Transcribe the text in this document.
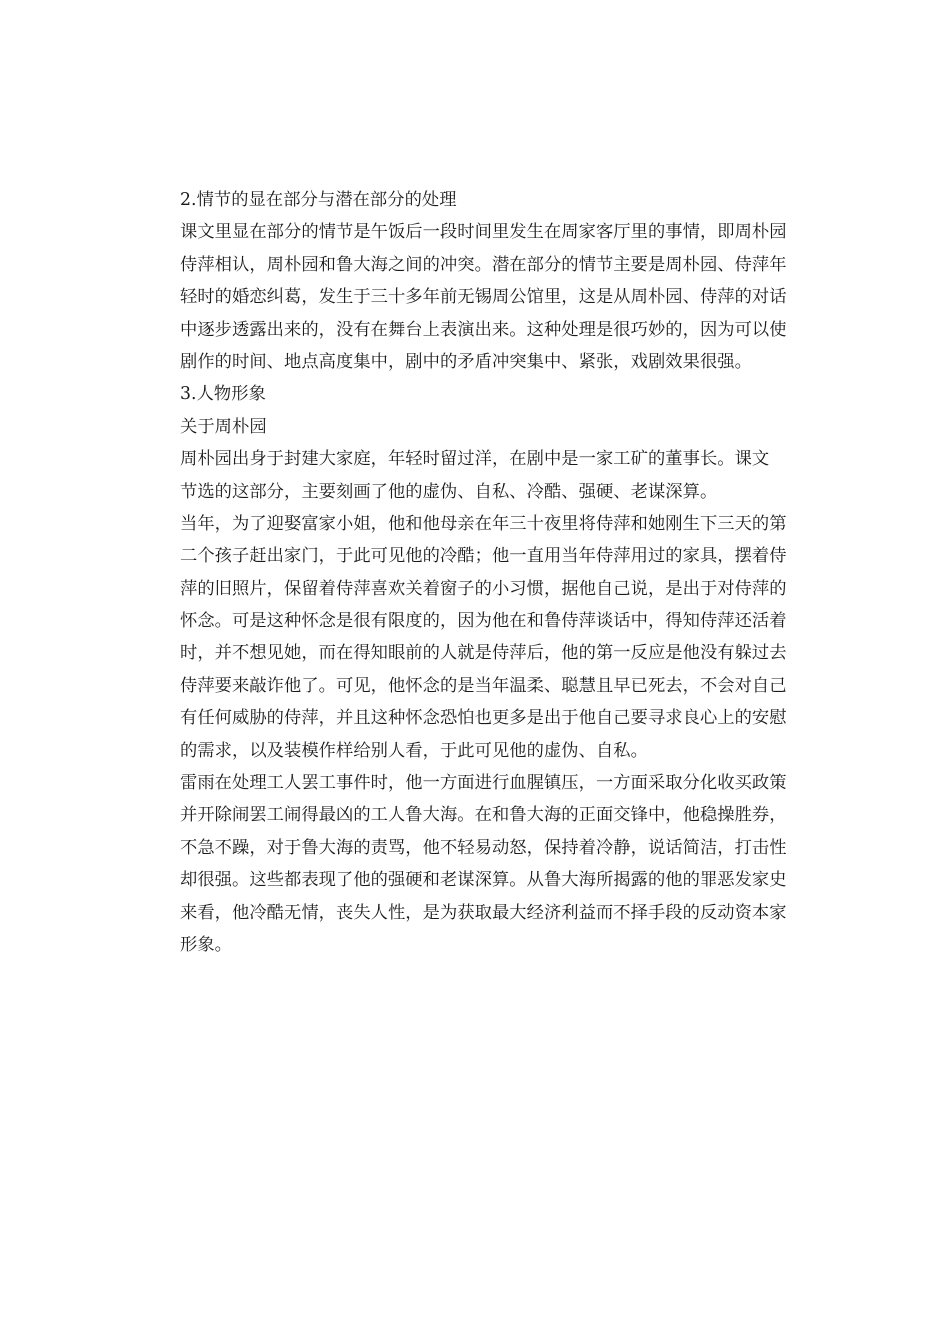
2.情节的显在部分与潜在部分的处理
课文里显在部分的情节是午饭后一段时间里发生在周家客厅里的事情，即周朴园
侍萍相认，周朴园和鲁大海之间的冲突。潜在部分的情节主要是周朴园、侍萍年
轻时的婚恋纠葛，发生于三十多年前无锡周公馆里，这是从周朴园、侍萍的对话
中逐步透露出来的，没有在舞台上表演出来。这种处理是很巧妙的，因为可以使
剧作的时间、地点高度集中，剧中的矛盾冲突集中、紧张，戏剧效果很强。
3.人物形象
关于周朴园
周朴园出身于封建大家庭，年轻时留过洋，在剧中是一家工矿的董事长。课文
节选的这部分，主要刻画了他的虚伪、自私、冷酷、强硬、老谋深算。
当年，为了迎娶富家小姐，他和他母亲在年三十夜里将侍萍和她刚生下三天的第
二个孩子赶出家门，于此可见他的冷酷；他一直用当年侍萍用过的家具，摆着侍
萍的旧照片，保留着侍萍喜欢关着窗子的小习惯，据他自己说，是出于对侍萍的
怀念。可是这种怀念是很有限度的，因为他在和鲁侍萍谈话中，得知侍萍还活着
时，并不想见她，而在得知眼前的人就是侍萍后，他的第一反应是他没有躲过去
侍萍要来敲诈他了。可见，他怀念的是当年温柔、聪慧且早已死去，不会对自己
有任何威胁的侍萍，并且这种怀念恐怕也更多是出于他自己要寻求良心上的安慰
的需求，以及装模作样给别人看，于此可见他的虚伪、自私。
雷雨在处理工人罢工事件时，他一方面进行血腥镇压，一方面采取分化收买政策
并开除闹罢工闹得最凶的工人鲁大海。在和鲁大海的正面交锋中，他稳操胜券，
不急不躁，对于鲁大海的责骂，他不轻易动怒，保持着冷静，说话简洁，打击性
却很强。这些都表现了他的强硬和老谋深算。从鲁大海所揭露的他的罪恶发家史
来看，他冷酷无情，丧失人性，是为获取最大经济利益而不择手段的反动资本家
形象。
